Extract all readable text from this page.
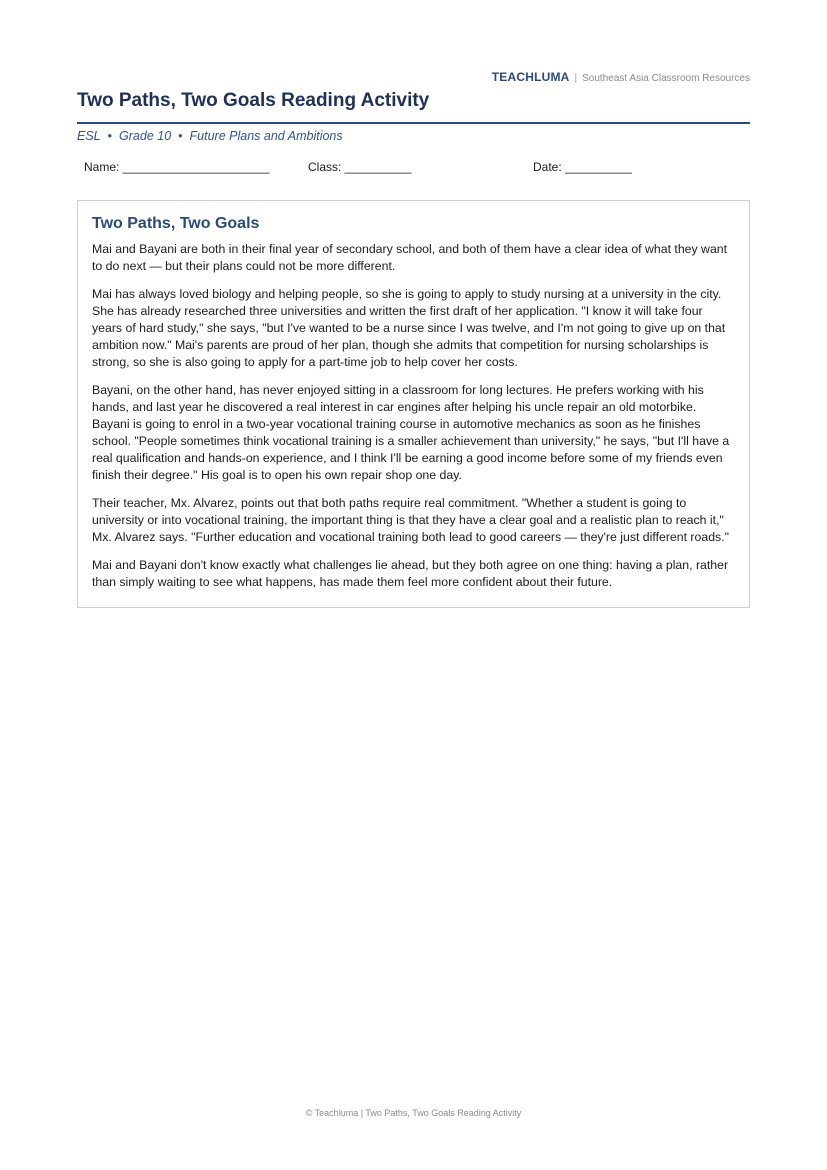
TEACHLUMA | Southeast Asia Classroom Resources
Two Paths, Two Goals Reading Activity
ESL • Grade 10 • Future Plans and Ambitions
Name: ______________________	Class: __________	Date: __________
Two Paths, Two Goals

Mai and Bayani are both in their final year of secondary school, and both of them have a clear idea of what they want to do next — but their plans could not be more different.

Mai has always loved biology and helping people, so she is going to apply to study nursing at a university in the city. She has already researched three universities and written the first draft of her application. "I know it will take four years of hard study," she says, "but I've wanted to be a nurse since I was twelve, and I'm not going to give up on that ambition now." Mai's parents are proud of her plan, though she admits that competition for nursing scholarships is strong, so she is also going to apply for a part-time job to help cover her costs.

Bayani, on the other hand, has never enjoyed sitting in a classroom for long lectures. He prefers working with his hands, and last year he discovered a real interest in car engines after helping his uncle repair an old motorbike. Bayani is going to enrol in a two-year vocational training course in automotive mechanics as soon as he finishes school. "People sometimes think vocational training is a smaller achievement than university," he says, "but I'll have a real qualification and hands-on experience, and I think I'll be earning a good income before some of my friends even finish their degree." His goal is to open his own repair shop one day.

Their teacher, Mx. Alvarez, points out that both paths require real commitment. "Whether a student is going to university or into vocational training, the important thing is that they have a clear goal and a realistic plan to reach it," Mx. Alvarez says. "Further education and vocational training both lead to good careers — they're just different roads."

Mai and Bayani don't know exactly what challenges lie ahead, but they both agree on one thing: having a plan, rather than simply waiting to see what happens, has made them feel more confident about their future.

© Teachluma | Two Paths, Two Goals Reading Activity
